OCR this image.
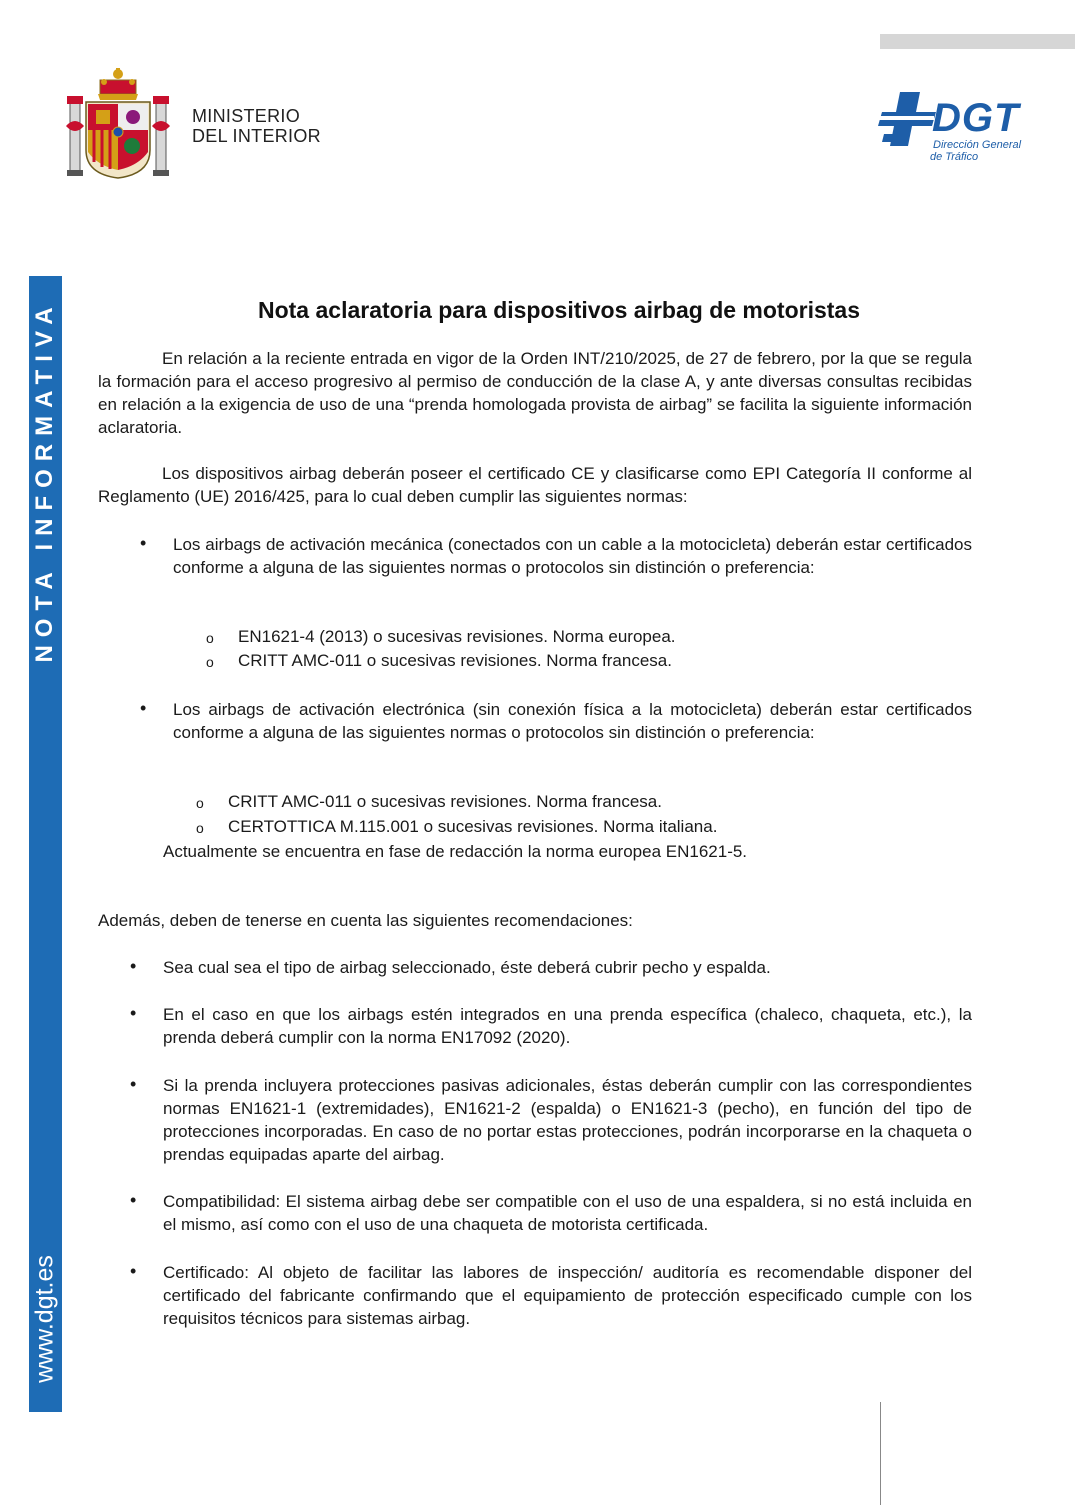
MINISTERIO
DEL INTERIOR	DGT
Dirección General
de Tráfico
NOTA INFORMATIVA
www.dgt.es
Nota aclaratoria para dispositivos airbag de motoristas
En relación a la reciente entrada en vigor de la Orden INT/210/2025, de 27 de febrero, por la que se regula la formación para el acceso progresivo al permiso de conducción de la clase A, y ante diversas consultas recibidas en relación a la exigencia de uso de una “prenda homologada provista de airbag” se facilita la siguiente información aclaratoria.
Los dispositivos airbag deberán poseer el certificado CE y clasificarse como EPI Categoría II conforme al Reglamento (UE) 2016/425, para lo cual deben cumplir las siguientes normas:
• Los airbags de activación mecánica (conectados con un cable a la motocicleta) deberán estar certificados conforme a alguna de las siguientes normas o protocolos sin distinción o preferencia:
o EN1621-4 (2013) o sucesivas revisiones. Norma europea.
o CRITT AMC-011 o sucesivas revisiones. Norma francesa.
• Los airbags de activación electrónica (sin conexión física a la motocicleta) deberán estar certificados conforme a alguna de las siguientes normas o protocolos sin distinción o preferencia:
o CRITT AMC-011 o sucesivas revisiones. Norma francesa.
o CERTOTTICA M.115.001 o sucesivas revisiones. Norma italiana.
Actualmente se encuentra en fase de redacción la norma europea EN1621-5.
Además, deben de tenerse en cuenta las siguientes recomendaciones:
• Sea cual sea el tipo de airbag seleccionado, éste deberá cubrir pecho y espalda.
• En el caso en que los airbags estén integrados en una prenda específica (chaleco, chaqueta, etc.), la prenda deberá cumplir con la norma EN17092 (2020).
• Si la prenda incluyera protecciones pasivas adicionales, éstas deberán cumplir con las correspondientes normas EN1621-1 (extremidades), EN1621-2 (espalda) o EN1621-3 (pecho), en función del tipo de protecciones incorporadas. En caso de no portar estas protecciones, podrán incorporarse en la chaqueta o prendas equipadas aparte del airbag.
• Compatibilidad: El sistema airbag debe ser compatible con el uso de una espaldera, si no está incluida en el mismo, así como con el uso de una chaqueta de motorista certificada.
• Certificado: Al objeto de facilitar las labores de inspección/ auditoría es recomendable disponer del certificado del fabricante confirmando que el equipamiento de protección especificado cumple con los requisitos técnicos para sistemas airbag.
